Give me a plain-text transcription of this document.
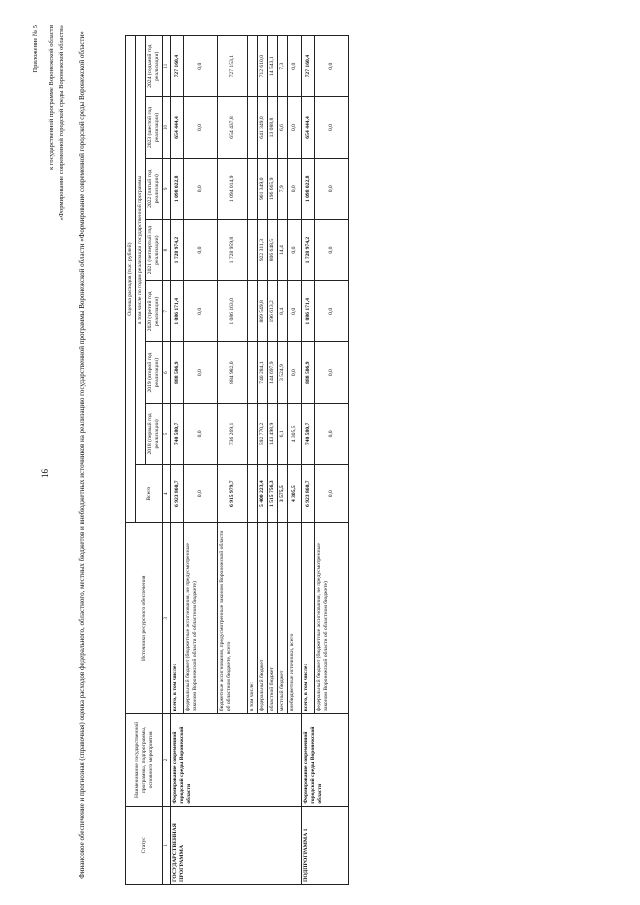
16
Приложение № 5	к государственной программе Воронежской области «Формирование современной городской среды Воронежской области» Финансовое обеспечение и прогнозная (справочная) оценка расходов федерального, областного, местных бюджетов и внебюджетных источников на реализацию государственной программы Воронежской области «Формирование современной городской среды Воронежской области»	Статус	Наименование государственной программы, подпрограммы, основного мероприятия	Источники ресурсного обеспечения	Оценка расходов (тыс. рублей)							
			Всего	в том числе по годам реализации государственной программы						
				2018 (первый год реализации)	2019 (второй год реализации)	2020 (третий год реализации)	2021 (четвертый год реализации)	2022 (пятый год реализации)	2023 (шестой год реализации)	2024 (седьмой год реализации)
1	2	3	4	5	6	7	8	9	10	11
ГОСУДАРСТВЕННАЯ ПРОГРАММА	Формирование современной городской среды Воронежской области	всего, в том числе:	6 923 860,7	740 580,7	888 506,9	1 086 171,4	1 728 974,2	1 098 022,8	654 444,4	727 160,4
		федеральный бюджет (бюджетные ассигнования, не предусмотренные законом Воронежской области об областном бюджете)	0,0	0,0	0,0	0,0	0,0	0,0	0,0	0,0
		бюджетные ассигнования, предусмотренные законом Воронежской области об областном бюджете, всего	6 915 979,7	736 269,1	884 982,0	1 086 163,0	1 728 959,8	1 094 014,9	654 437,8	727 153,1
		в том числе:								
		федеральный бюджет	5 400 223,4	592 770,2	740 284,1	889 549,8	922 311,3	901 349,0	641 349,0	712 610,0
		областной бюджет	1 515 756,3	143 498,9	144 697,9	196 613,2	806 648,5	196 665,9	13 088,8	14 543,1
		местный бюджет	3 575,5	6,1	3 524,9	8,4	14,4	7,9	6,6	7,3
		внебюджетные источники, всего	4 305,5	4 305,5	0,0	0,0	0,0	0,0	0,0	0,0
ПОДПРОГРАММА 1	Формирование современной городской среды Воронежской области	всего, в том числе:	6 923 860,7	740 580,7	888 506,9	1 086 171,4	1 728 974,2	1 098 022,8	654 444,4	727 160,4
		федеральный бюджет (бюджетные ассигнования, не предусмотренные законом Воронежской области об областном бюджете)	0,0	0,0	0,0	0,0	0,0	0,0	0,0	0,0
